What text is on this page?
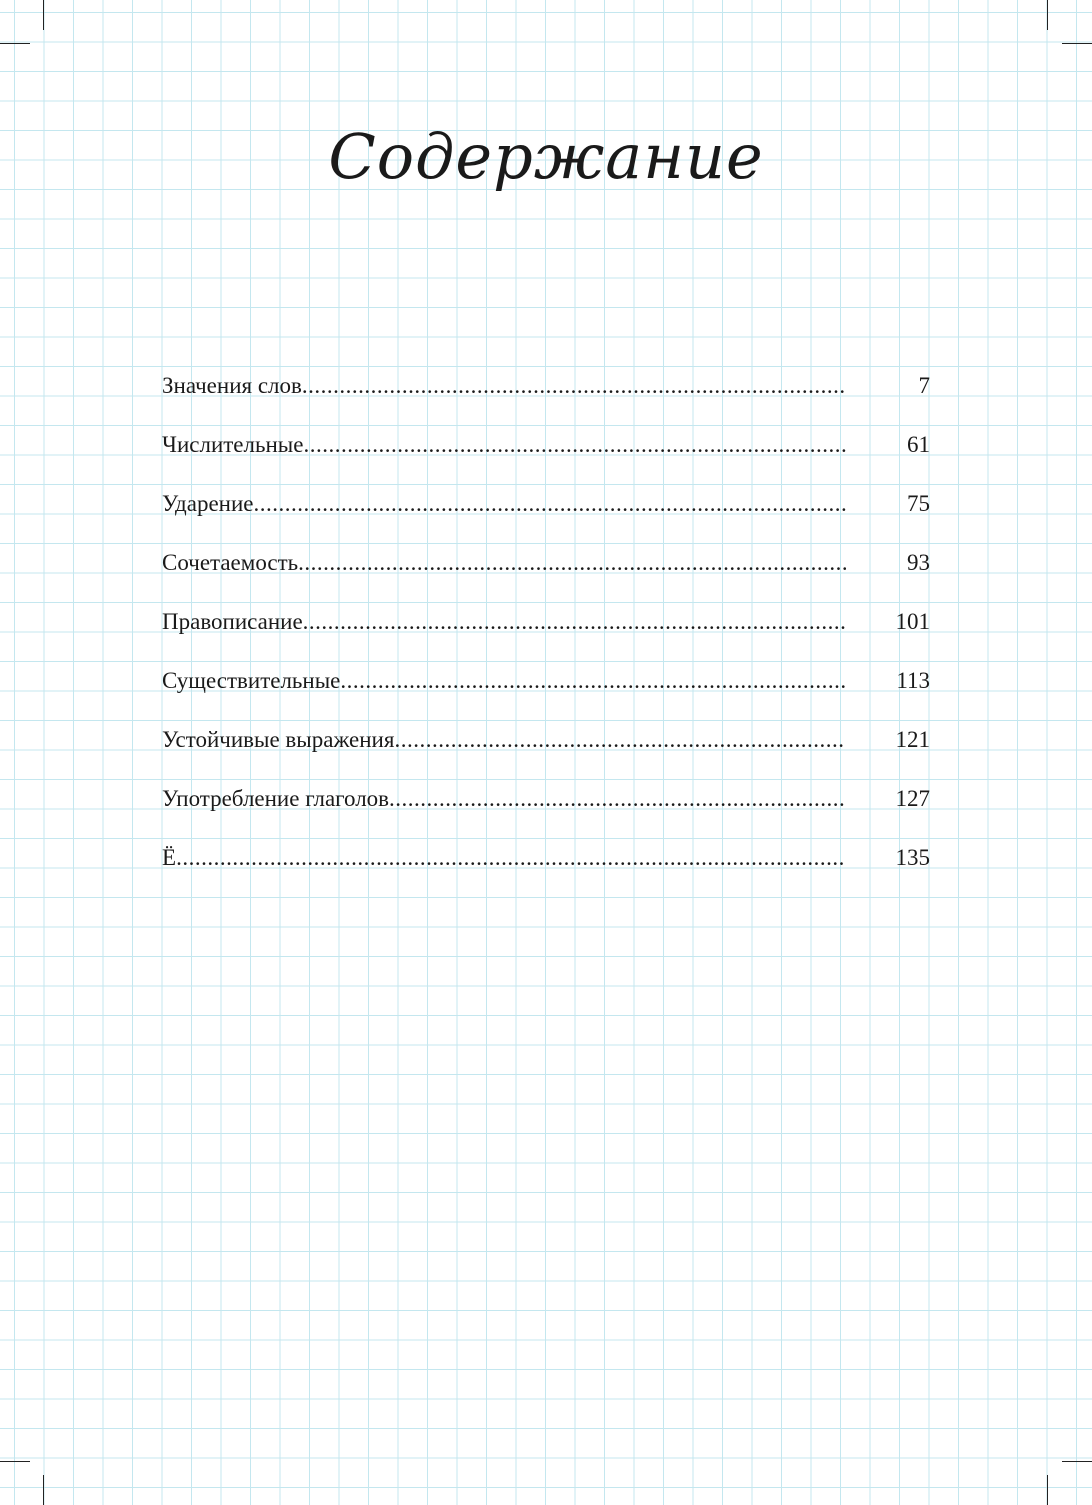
Содержание
Значения слов .....	7
Числительные .....	61
Ударение .....	75
Сочетаемость .....	93
Правописание .....	101
Существительные .....	113
Устойчивые выражения .....	121
Употребление глаголов .....	127
Ё .....	135
